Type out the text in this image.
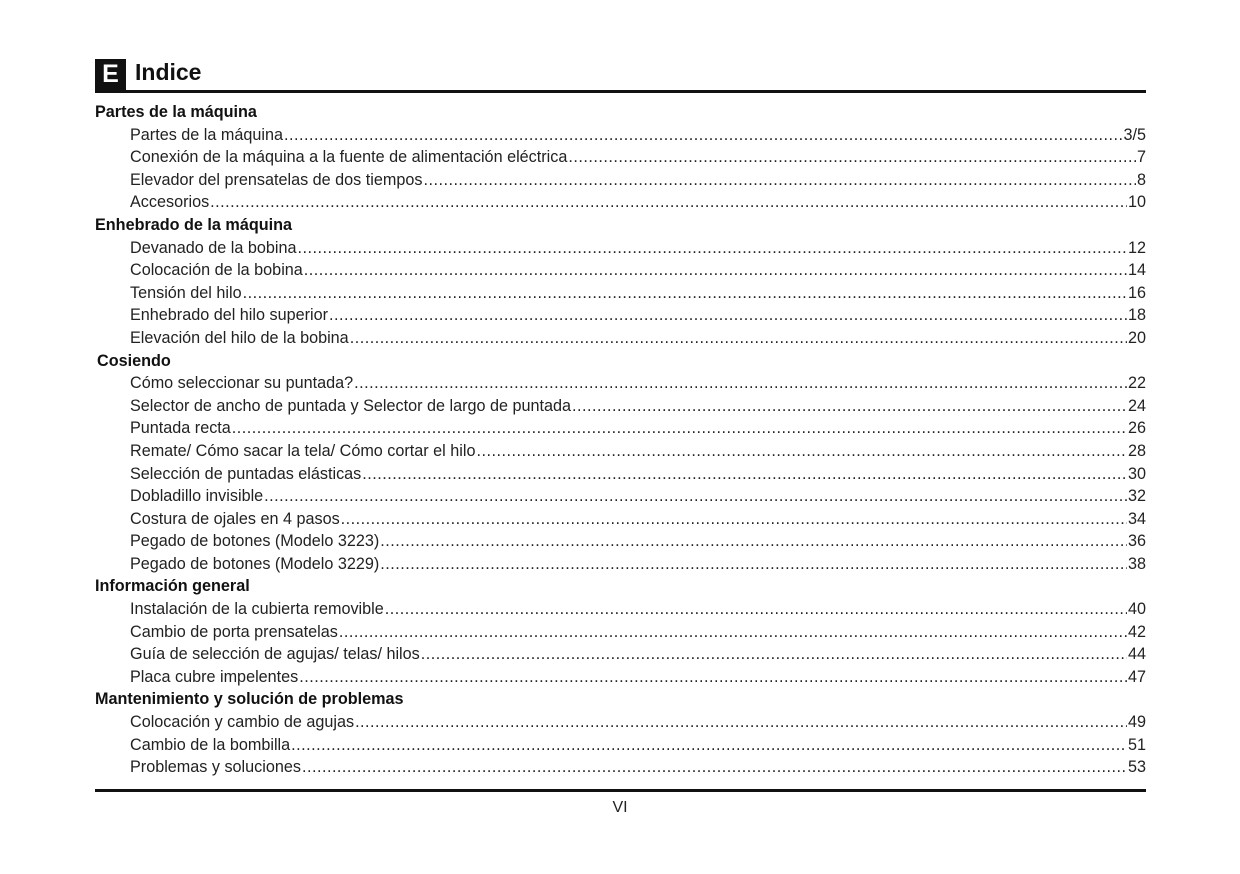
E Indice
Partes de la máquina
Partes de la máquina .....	3/5
Conexión de la máquina a la fuente de alimentación eléctrica .....	7
Elevador del prensatelas de dos tiempos .....	8
Accesorios .....	10
Enhebrado de la máquina
Devanado de la bobina .....	12
Colocación de la bobina .....	14
Tensión del hilo .....	16
Enhebrado del hilo superior .....	18
Elevación del hilo de la bobina .....	20
Cosiendo
Cómo seleccionar su puntada? .....	22
Selector de ancho de puntada y Selector de largo de puntada .....	24
Puntada recta .....	26
Remate/ Cómo sacar la tela/ Cómo cortar el hilo .....	28
Selección de puntadas elásticas .....	30
Dobladillo invisible .....	32
Costura de ojales en 4 pasos .....	34
Pegado de botones (Modelo 3223) .....	36
Pegado de botones (Modelo 3229) .....	38
Información general
Instalación de la cubierta removible .....	40
Cambio de porta prensatelas .....	42
Guía de selección de agujas/ telas/ hilos .....	44
Placa cubre impelentes .....	47
Mantenimiento y solución de problemas
Colocación y cambio de agujas .....	49
Cambio de la bombilla .....	51
Problemas y soluciones .....	53
VI
